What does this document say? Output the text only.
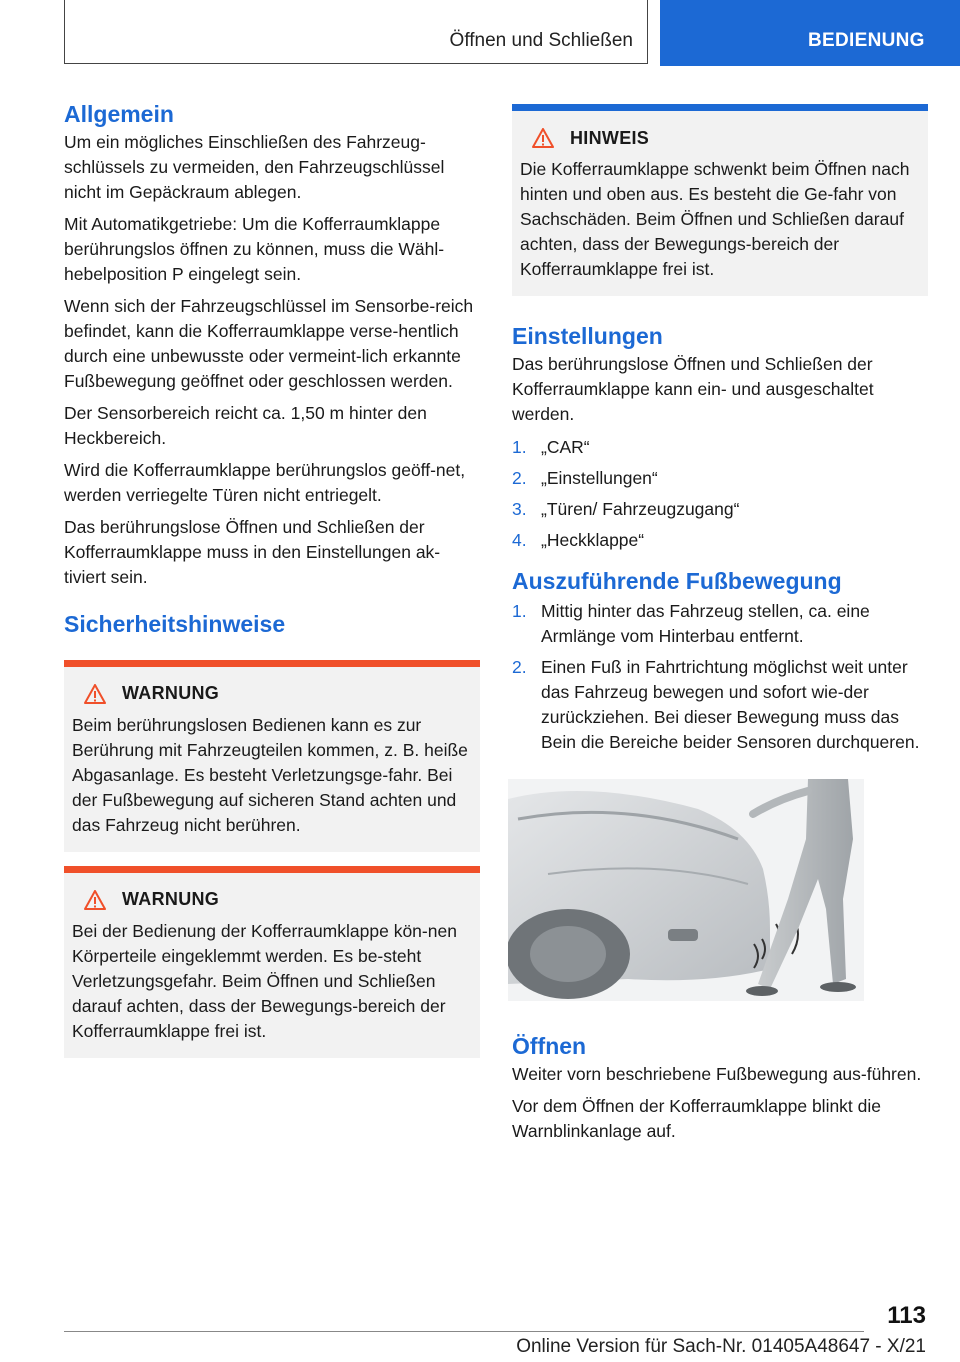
Öffnen und Schließen	BEDIENUNG
Allgemein

Um ein mögliches Einschließen des Fahrzeug-schlüssels zu vermeiden, den Fahrzeugschlüssel nicht im Gepäckraum ablegen.

Mit Automatikgetriebe: Um die Kofferraumklappe berührungslos öffnen zu können, muss die Wähl-hebelposition P eingelegt sein.

Wenn sich der Fahrzeugschlüssel im Sensorbe-reich befindet, kann die Kofferraumklappe verse-hentlich durch eine unbewusste oder vermeint-lich erkannte Fußbewegung geöffnet oder geschlossen werden.

Der Sensorbereich reicht ca. 1,50 m hinter den Heckbereich.

Wird die Kofferraumklappe berührungslos geöff-net, werden verriegelte Türen nicht entriegelt.

Das berührungslose Öffnen und Schließen der Kofferraumklappe muss in den Einstellungen ak-tiviert sein.

Sicherheitshinweise
WARNUNG

Beim berührungslosen Bedienen kann es zur Berührung mit Fahrzeugteilen kommen, z. B. heiße Abgasanlage. Es besteht Verletzungsge-fahr. Bei der Fußbewegung auf sicheren Stand achten und das Fahrzeug nicht berühren.

WARNUNG

Bei der Bedienung der Kofferraumklappe kön-nen Körperteile eingeklemmt werden. Es be-steht Verletzungsgefahr. Beim Öffnen und Schließen darauf achten, dass der Bewegungs-bereich der Kofferraumklappe frei ist.

HINWEIS

Die Kofferraumklappe schwenkt beim Öffnen nach hinten und oben aus. Es besteht die Ge-fahr von Sachschäden. Beim Öffnen und Schließen darauf achten, dass der Bewegungs-bereich der Kofferraumklappe frei ist.

Einstellungen

Das berührungslose Öffnen und Schließen der Kofferraumklappe kann ein- und ausgeschaltet werden.

1. „CAR“
2. „Einstellungen“
3. „Türen/ Fahrzeugzugang“
4. „Heckklappe“
Auszuführende Fußbewegung
1. Mittig hinter das Fahrzeug stellen, ca. eine Armlänge vom Hinterbau entfernt.
2. Einen Fuß in Fahrtrichtung möglichst weit unter das Fahrzeug bewegen und sofort wie-der zurückziehen. Bei dieser Bewegung muss das Bein die Bereiche beider Sensoren durchqueren.
Öffnen

Weiter vorn beschriebene Fußbewegung aus-führen.

Vor dem Öffnen der Kofferraumklappe blinkt die Warnblinkanlage auf.

113
Online Version für Sach-Nr. 01405A48647 - X/21
